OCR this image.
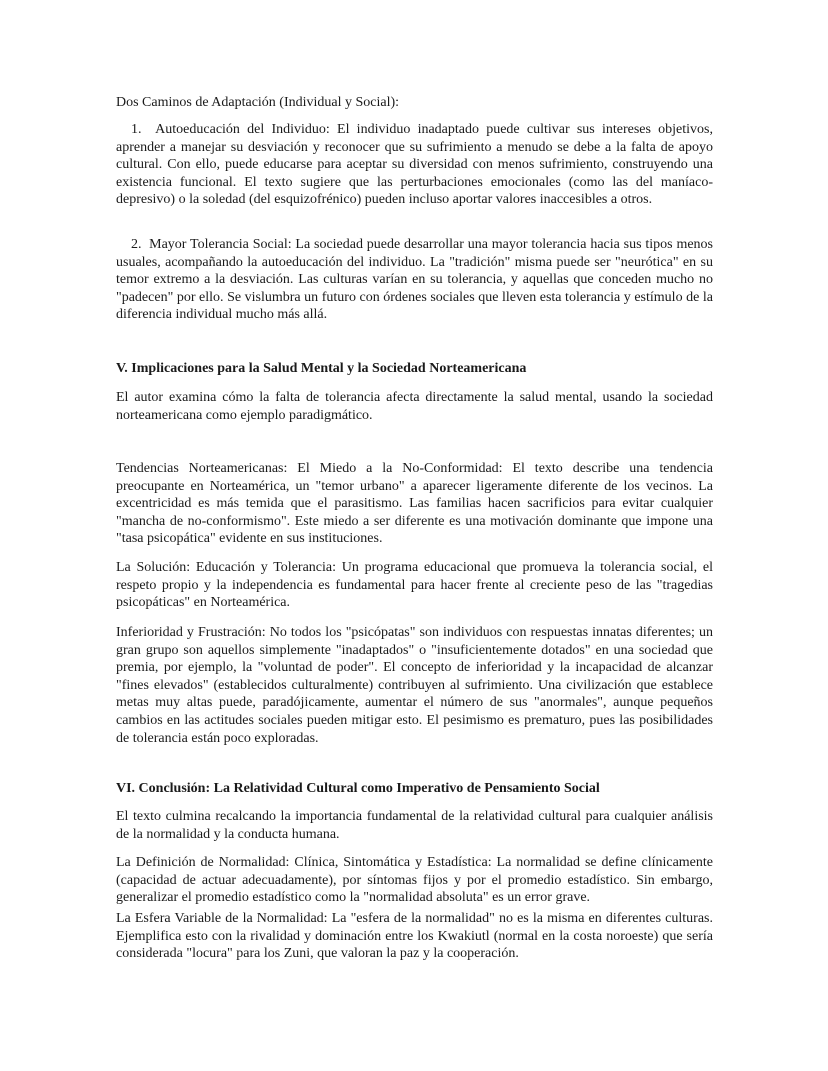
Dos Caminos de Adaptación (Individual y Social):

1. Autoeducación del Individuo: El individuo inadaptado puede cultivar sus intereses objetivos, aprender a manejar su desviación y reconocer que su sufrimiento a menudo se debe a la falta de apoyo cultural. Con ello, puede educarse para aceptar su diversidad con menos sufrimiento, construyendo una existencia funcional. El texto sugiere que las perturbaciones emocionales (como las del maníaco-depresivo) o la soledad (del esquizofrénico) pueden incluso aportar valores inaccesibles a otros.

2. Mayor Tolerancia Social: La sociedad puede desarrollar una mayor tolerancia hacia sus tipos menos usuales, acompañando la autoeducación del individuo. La "tradición" misma puede ser "neurótica" en su temor extremo a la desviación. Las culturas varían en su tolerancia, y aquellas que conceden mucho no "padecen" por ello. Se vislumbra un futuro con órdenes sociales que lleven esta tolerancia y estímulo de la diferencia individual mucho más allá.

V. Implicaciones para la Salud Mental y la Sociedad Norteamericana

El autor examina cómo la falta de tolerancia afecta directamente la salud mental, usando la sociedad norteamericana como ejemplo paradigmático.

Tendencias Norteamericanas: El Miedo a la No-Conformidad: El texto describe una tendencia preocupante en Norteamérica, un "temor urbano" a aparecer ligeramente diferente de los vecinos. La excentricidad es más temida que el parasitismo. Las familias hacen sacrificios para evitar cualquier "mancha de no-conformismo". Este miedo a ser diferente es una motivación dominante que impone una "tasa psicopática" evidente en sus instituciones.

La Solución: Educación y Tolerancia: Un programa educacional que promueva la tolerancia social, el respeto propio y la independencia es fundamental para hacer frente al creciente peso de las "tragedias psicopáticas" en Norteamérica.

Inferioridad y Frustración: No todos los "psicópatas" son individuos con respuestas innatas diferentes; un gran grupo son aquellos simplemente "inadaptados" o "insuficientemente dotados" en una sociedad que premia, por ejemplo, la "voluntad de poder". El concepto de inferioridad y la incapacidad de alcanzar "fines elevados" (establecidos culturalmente) contribuyen al sufrimiento. Una civilización que establece metas muy altas puede, paradójicamente, aumentar el número de sus "anormales", aunque pequeños cambios en las actitudes sociales pueden mitigar esto. El pesimismo es prematuro, pues las posibilidades de tolerancia están poco exploradas.

VI. Conclusión: La Relatividad Cultural como Imperativo de Pensamiento Social

El texto culmina recalcando la importancia fundamental de la relatividad cultural para cualquier análisis de la normalidad y la conducta humana.

La Definición de Normalidad: Clínica, Sintomática y Estadística: La normalidad se define clínicamente (capacidad de actuar adecuadamente), por síntomas fijos y por el promedio estadístico. Sin embargo, generalizar el promedio estadístico como la "normalidad absoluta" es un error grave.

La Esfera Variable de la Normalidad: La "esfera de la normalidad" no es la misma en diferentes culturas. Ejemplifica esto con la rivalidad y dominación entre los Kwakiutl (normal en la costa noroeste) que sería considerada "locura" para los Zuni, que valoran la paz y la cooperación.
